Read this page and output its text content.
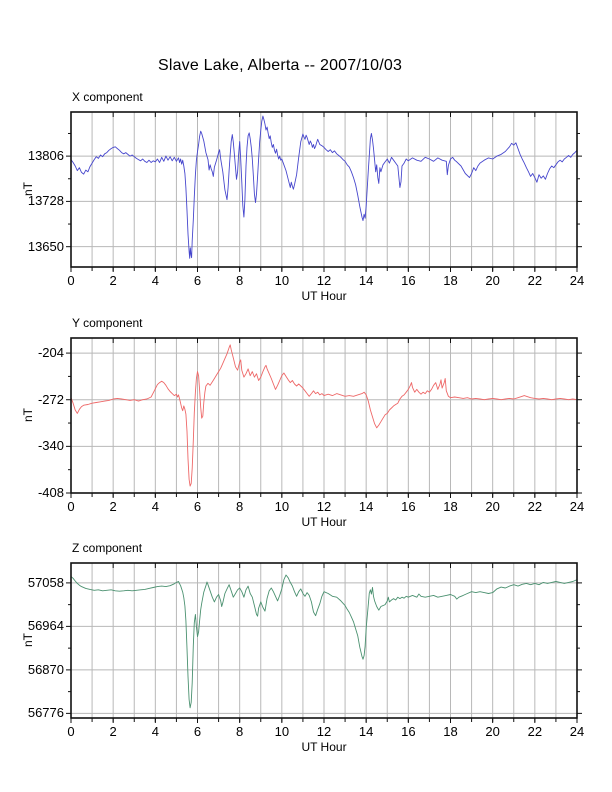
Slave Lake, Alberta -- 2007/10/03
X component
Y component
Z component
nT
nT
nT
UT Hour
UT Hour
UT Hour
13650
13728
13806
0	2	4	6	8	10	12	14	16	18	20	22	24
-408
-340
-272
-204
0	2	4	6	8	10	12	14	16	18	20	22	24
56776
56870
56964
57058
0	2	4	6	8	10	12	14	16	18	20	22	24
